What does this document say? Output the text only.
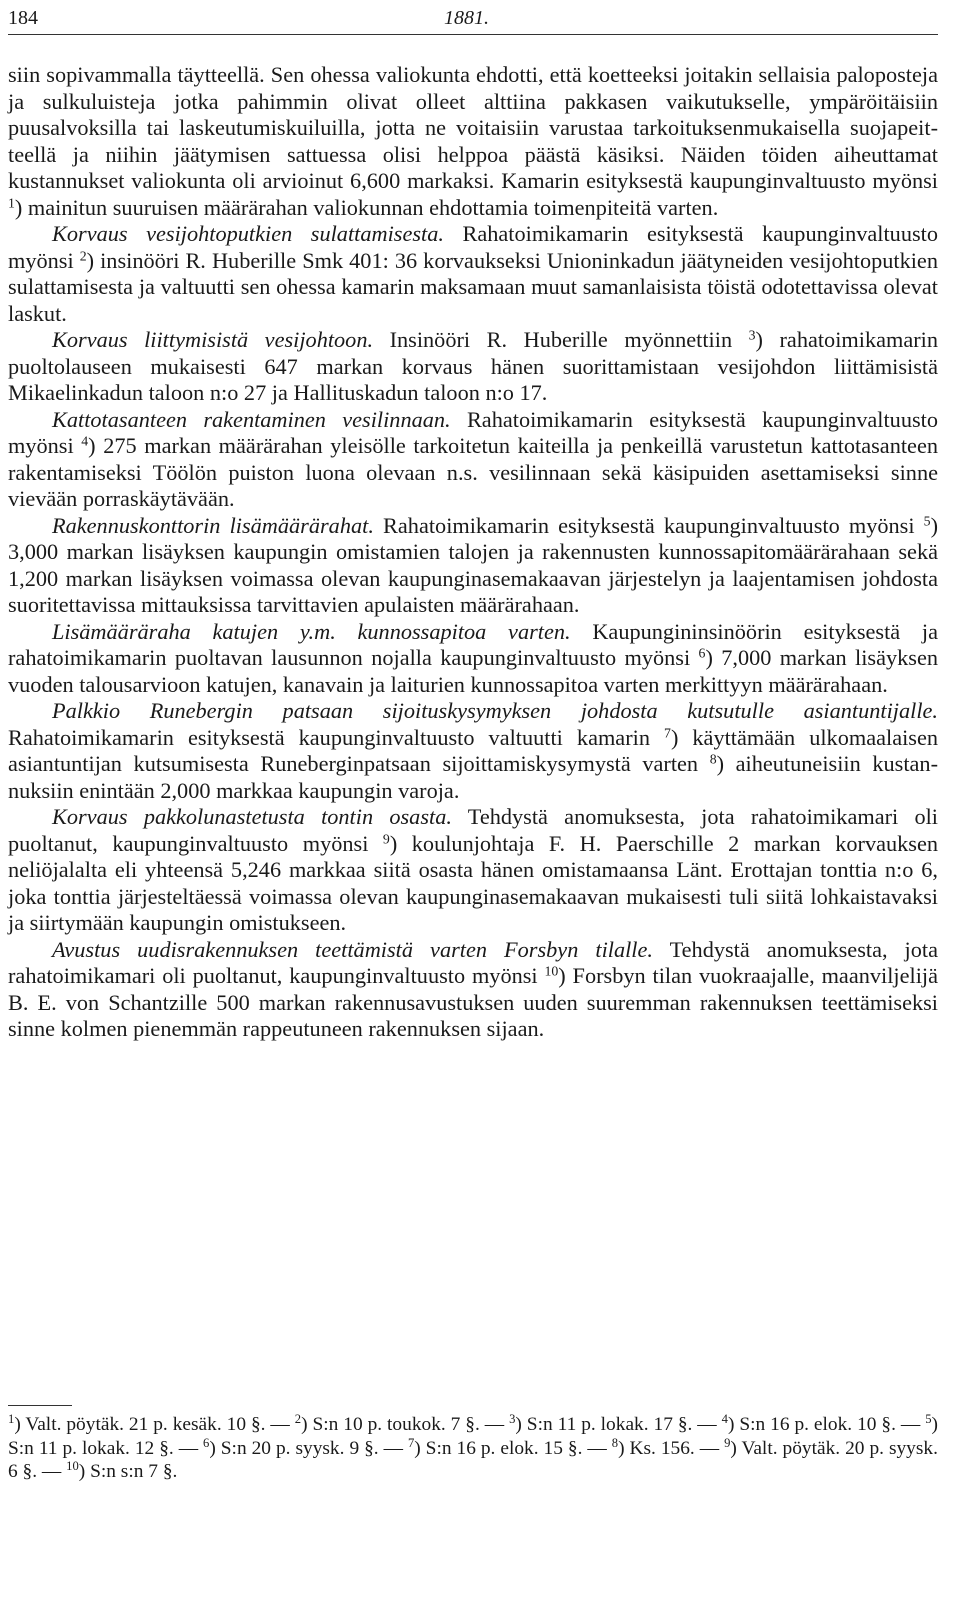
184	1881.

siin sopivammalla täytteellä. Sen ohessa valiokunta ehdotti, että koetteeksi joitakin sellaisia paloposteja ja sulkuluisteja jotka pahimmin olivat olleet alttiina pakkasen vaikutukselle, ympäröitäisiin puusalvoksilla tai laskeutumiskuiluilla, jotta ne voitaisiin varustaa tarkoituksenmukaisella suojapeitteellä ja niihin jäätymisen sattuessa olisi helppoa päästä käsiksi. Näiden töiden aiheuttamat kustannukset valiokunta oli arvioinut 6,600 markaksi. Kamarin esityksestä kaupunginvaltuusto myönsi $^1$) mainitun suuruisen määrärahan valiokunnan ehdottamia toimenpiteitä varten.

Korvaus vesijohtoputkien sulattamisesta. Rahatoimikamarin esityksestä kaupunginvaltuusto myönsi $^2$) insinööri R. Huberille Smk 401: 36 korvaukseksi Unioninkadun jäätyneiden vesijohtoputkien sulattamisesta ja valtuutti sen ohessa kamarin maksamaan muut samanlaisista töistä odotettavissa olevat laskut.

Korvaus liittymisistä vesijohtoon. Insinööri R. Huberille myönnettiin $^3$) rahatoimikamarin puoltolauseen mukaisesti 647 markan korvaus hänen suorittamistaan vesijohdon liittämisistä Mikaelinkadun taloon n:o 27 ja Hallituskadun taloon n:o 17.

Kattotasanteen rakentaminen vesilinnaan. Rahatoimikamarin esityksestä kaupunginvaltuusto myönsi $^4$) 275 markan määrärahan yleisölle tarkoitetun kaiteilla ja penkeillä varustetun kattotasanteen rakentamiseksi Töölön puiston luona olevaan n.s. vesilinnaan sekä käsipuiden asettamiseksi sinne vievään porraskäytävään.

Rakennuskonttorin lisämäärärahat. Rahatoimikamarin esityksestä kaupunginvaltuusto myönsi $^5$) 3,000 markan lisäyksen kaupungin omistamien talojen ja rakennusten kunnossapitomäärärahaan sekä 1,200 markan lisäyksen voimassa olevan kaupunginasemakaavan järjestelyn ja laajentamisen johdosta suoritettavissa mittauksissa tarvittavien apulaisten määrärahaan.

Lisämääräraha katujen y.m. kunnossapitoa varten. Kaupungininsinöörin esityksestä ja rahatoimikamarin puoltavan lausunnon nojalla kaupunginvaltuusto myönsi $^6$) 7,000 markan lisäyksen vuoden talousarvioon katujen, kanavain ja laiturien kunnossapitoa varten merkittyyn määrärahaan.

Palkkio Runebergin patsaan sijoituskysymyksen johdosta kutsutulle asiantuntijalle. Rahatoimikamarin esityksestä kaupunginvaltuusto valtuutti kamarin $^7$) käyttämään ulkomaalaisen asiantuntijan kutsumisesta Runeberginpatsaan sijoittamiskysymystä varten $^8$) aiheutuneisiin kustannuksiin enintään 2,000 markkaa kaupungin varoja.

Korvaus pakkolunastetusta tontin osasta. Tehdystä anomuksesta, jota rahatoimikamari oli puoltanut, kaupunginvaltuusto myönsi $^9$) koulunjohtaja F. H. Paerschille 2 markan korvauksen neliöjalalta eli yhteensä 5,246 markkaa siitä osasta hänen omistamaansa Länt. Erottajan tonttia n:o 6, joka tonttia järjesteltäessä voimassa olevan kaupunginasemakaavan mukaisesti tuli siitä lohkaistavaksi ja siirtymään kaupungin omistukseen.

Avustus uudisrakennuksen teettämistä varten Forsbyn tilalle. Tehdystä anomuksesta, jota rahatoimikamari oli puoltanut, kaupunginvaltuusto myönsi $^{10}$) Forsbyn tilan vuokraajalle, maanviljelijä B. E. von Schantzille 500 markan rakennusavustuksen uuden suuremman rakennuksen teettämiseksi sinne kolmen pienemmän rappeutuneen rakennuksen sijaan.

$^1$) Valt. pöytäk. 21 p. kesäk. 10 §. — $^2$) S:n 10 p. toukok. 7 §. — $^3$) S:n 11 p. lokak. 17 §. — $^4$) S:n 16 p. elok. 10 §. — $^5$) S:n 11 p. lokak. 12 §. — $^6$) S:n 20 p. syysk. 9 §. — $^7$) S:n 16 p. elok. 15 §. — $^8$) Ks. 156. — $^9$) Valt. pöytäk. 20 p. syysk. 6 §. — $^{10}$) S:n s:n 7 §.
